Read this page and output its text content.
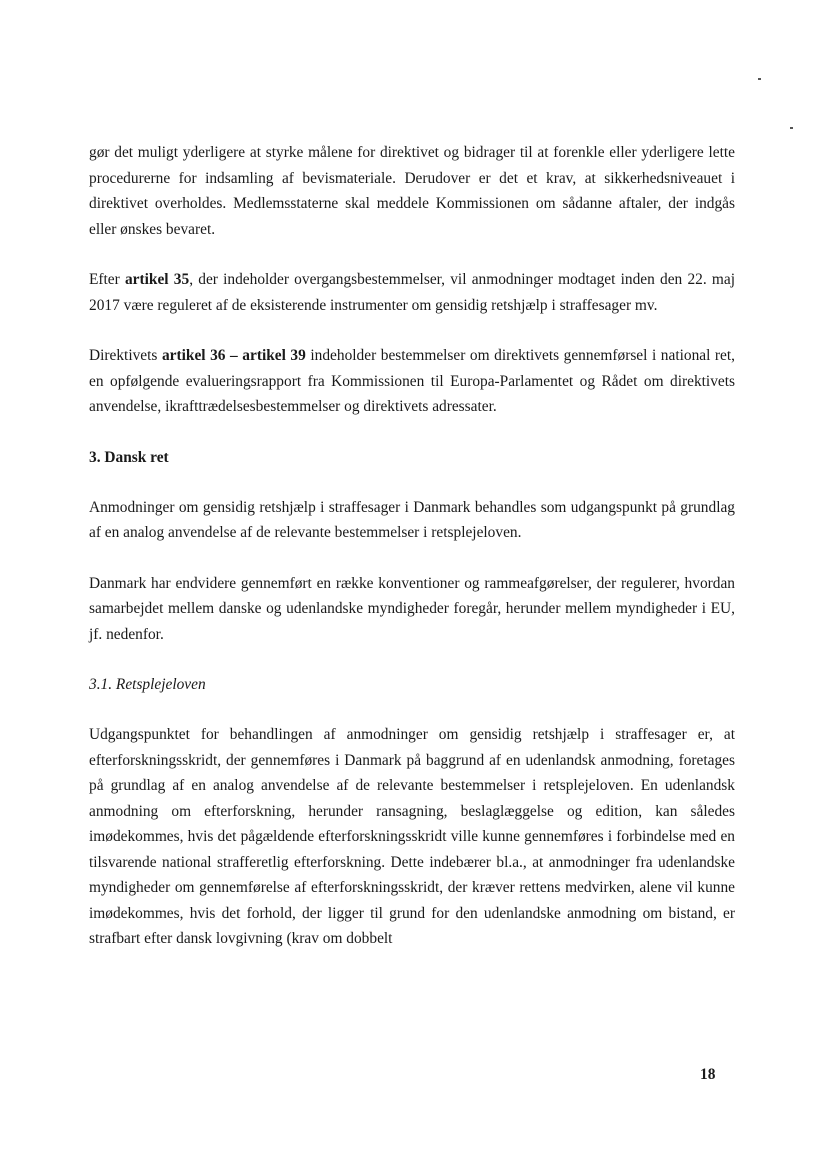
gør det muligt yderligere at styrke målene for direktivet og bidrager til at forenkle eller yderligere lette procedurerne for indsamling af bevismateriale. Derudover er det et krav, at sikkerhedsniveauet i direktivet overholdes. Medlemsstaterne skal meddele Kommissionen om sådanne aftaler, der indgås eller ønskes bevaret.

Efter artikel 35, der indeholder overgangsbestemmelser, vil anmodninger modtaget inden den 22. maj 2017 være reguleret af de eksisterende instrumenter om gensidig retshjælp i straffesager mv.

Direktivets artikel 36 – artikel 39 indeholder bestemmelser om direktivets gennemførsel i national ret, en opfølgende evalueringsrapport fra Kommissionen til Europa-Parlamentet og Rådet om direktivets anvendelse, ikrafttrædelsesbestemmelser og direktivets adressater.

3. Dansk ret

Anmodninger om gensidig retshjælp i straffesager i Danmark behandles som udgangspunkt på grundlag af en analog anvendelse af de relevante bestemmelser i retsplejeloven.

Danmark har endvidere gennemført en række konventioner og rammeafgørelser, der regulerer, hvordan samarbejdet mellem danske og udenlandske myndigheder foregår, herunder mellem myndigheder i EU, jf. nedenfor.

3.1. Retsplejeloven

Udgangspunktet for behandlingen af anmodninger om gensidig retshjælp i straffesager er, at efterforskningsskridt, der gennemføres i Danmark på baggrund af en udenlandsk anmodning, foretages på grundlag af en analog anvendelse af de relevante bestemmelser i retsplejeloven. En udenlandsk anmodning om efterforskning, herunder ransagning, beslaglæggelse og edition, kan således imødekommes, hvis det pågældende efterforskningsskridt ville kunne gennemføres i forbindelse med en tilsvarende national strafferetlig efterforskning. Dette indebærer bl.a., at anmodninger fra udenlandske myndigheder om gennemførelse af efterforskningsskridt, der kræver rettens medvirken, alene vil kunne imødekommes, hvis det forhold, der ligger til grund for den udenlandske anmodning om bistand, er strafbart efter dansk lovgivning (krav om dobbelt

18
